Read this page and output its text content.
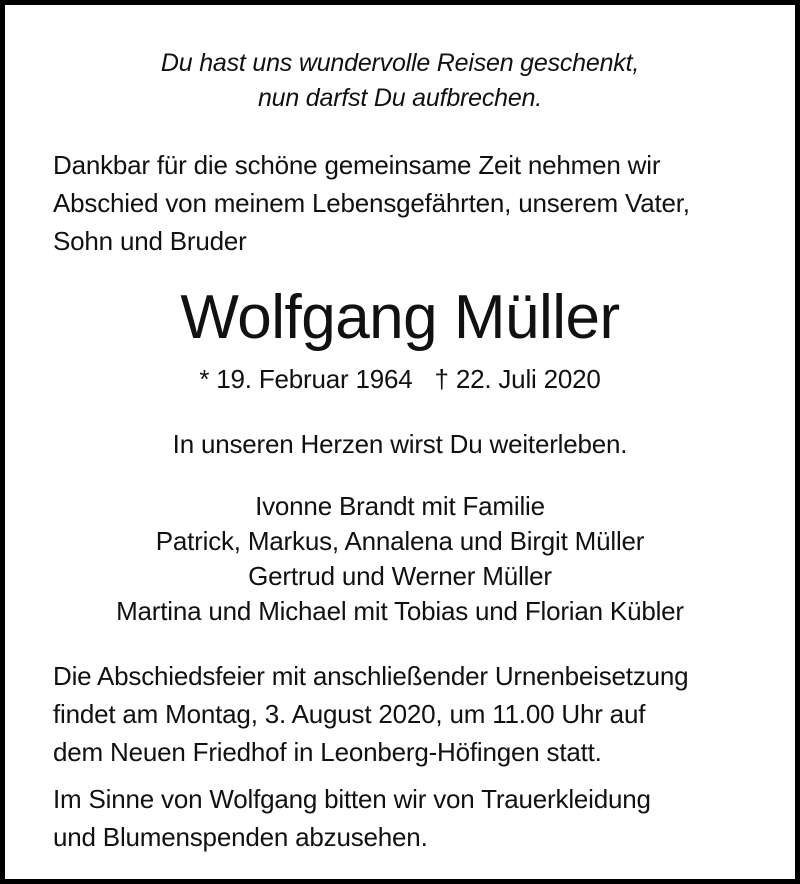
Du hast uns wundervolle Reisen geschenkt,
nun darfst Du aufbrechen.
Dankbar für die schöne gemeinsame Zeit nehmen wir
Abschied von meinem Lebensgefährten, unserem Vater,
Sohn und Bruder
Wolfgang Müller
* 19. Februar 1964 † 22. Juli 2020
In unseren Herzen wirst Du weiterleben.
Ivonne Brandt mit Familie
Patrick, Markus, Annalena und Birgit Müller
Gertrud und Werner Müller
Martina und Michael mit Tobias und Florian Kübler
Die Abschiedsfeier mit anschließender Urnenbeisetzung
findet am Montag, 3. August 2020, um 11.00 Uhr auf
dem Neuen Friedhof in Leonberg-Höfingen statt.
Im Sinne von Wolfgang bitten wir von Trauerkleidung
und Blumenspenden abzusehen.
